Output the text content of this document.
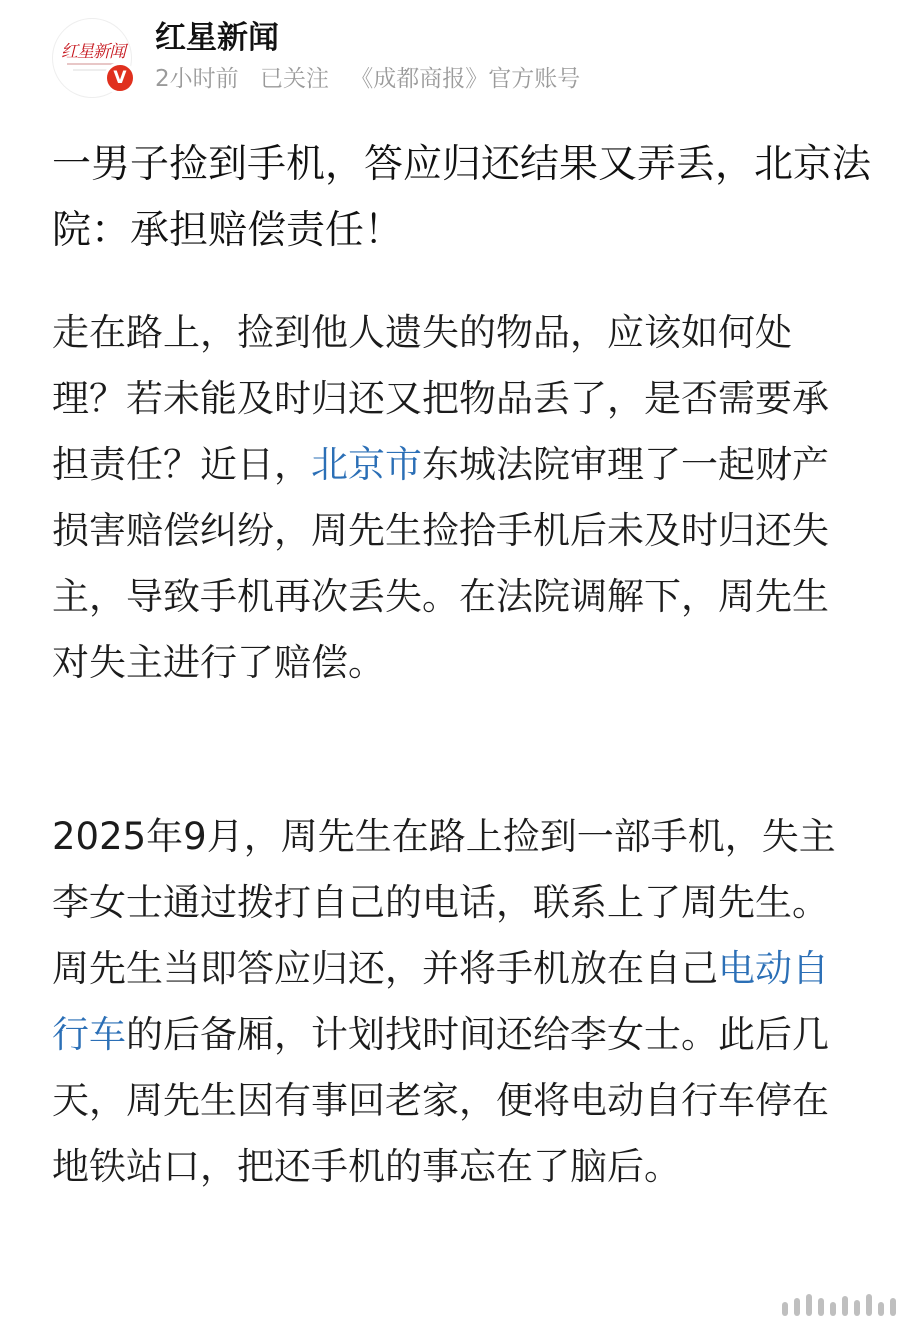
红星新闻
V
红星新闻
2小时前 已关注 《成都商报》官方账号
一男子捡到手机，答应归还结果又弄丢，北京法院：承担赔偿责任！

走在路上，捡到他人遗失的物品，应该如何处理？若未能及时归还又把物品丢了，是否需要承担责任？近日，北京市东城法院审理了一起财产损害赔偿纠纷，周先生捡拾手机后未及时归还失主，导致手机再次丢失。在法院调解下，周先生对失主进行了赔偿。

2025年9月，周先生在路上捡到一部手机，失主李女士通过拨打自己的电话，联系上了周先生。周先生当即答应归还，并将手机放在自己电动自行车的后备厢，计划找时间还给李女士。此后几天，周先生因有事回老家，便将电动自行车停在地铁站口，把还手机的事忘在了脑后。
